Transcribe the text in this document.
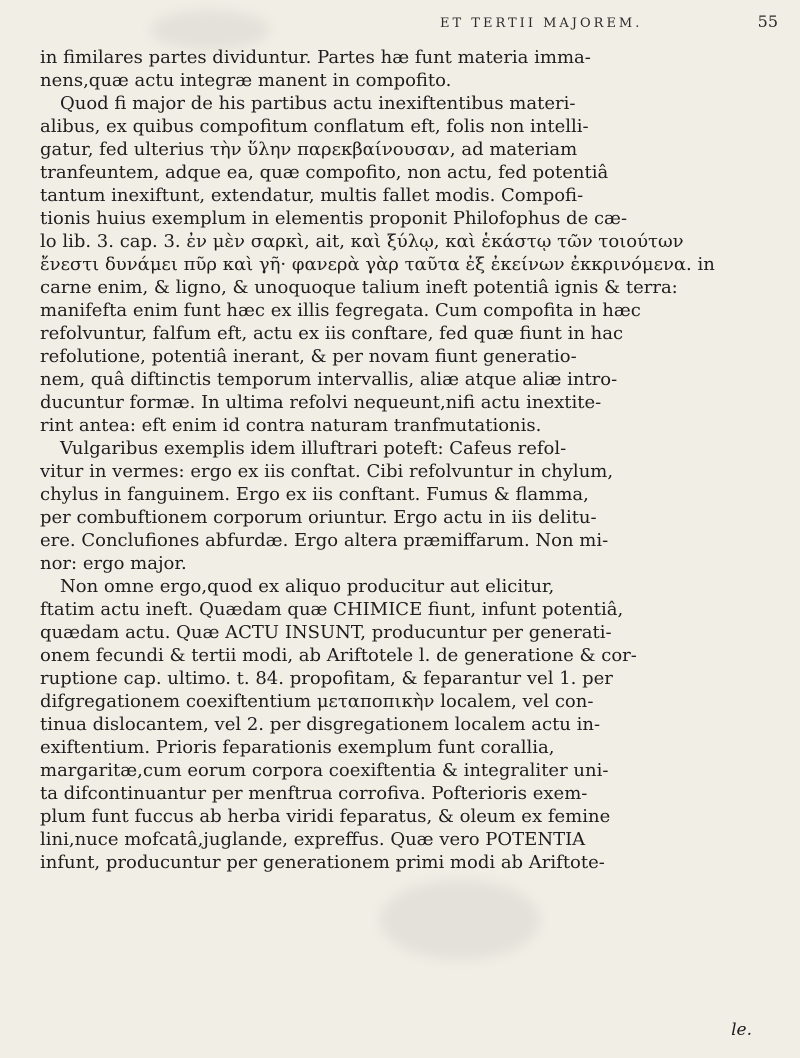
ET TERTII MAJOREM.	55
in fimilares partes dividuntur. Partes hæ funt materia imma-
nens,quæ actu integræ manent in compofito.
Quod fi major de his partibus actu inexiftentibus materi-
alibus, ex quibus compofitum conflatum eft, folis non intelli-
gatur, fed ulterius τὴν ὕλην παρεκβαίνουσαν, ad materiam
tranfeuntem, adque ea, quæ compofito, non actu, fed potentiâ
tantum inexiftunt, extendatur, multis fallet modis. Compofi-
tionis huius exemplum in elementis proponit Philofophus de cæ-
lo lib. 3. cap. 3. ἐν μὲν σαρκὶ, ait, καὶ ξύλῳ, καὶ ἑκάστῳ τῶν τοιούτων
ἔνεστι δυνάμει πῦρ καὶ γῆ· φανερὰ γὰρ ταῦτα ἐξ ἐκείνων ἐκκρινόμενα. in
carne enim, & ligno, & unoquoque talium ineft potentiâ ignis & terra:
manifefta enim funt hæc ex illis fegregata. Cum compofita in hæc
refolvuntur, falfum eft, actu ex iis conftare, fed quæ fiunt in hac
refolutione, potentiâ inerant, & per novam fiunt generatio-
nem, quâ diftinctis temporum intervallis, aliæ atque aliæ intro-
ducuntur formæ. In ultima refolvi nequeunt,nifi actu inextite-
rint antea: eft enim id contra naturam tranfmutationis.
Vulgaribus exemplis idem illuftrari poteft: Cafeus refol-
vitur in vermes: ergo ex iis conftat. Cibi refolvuntur in chylum,
chylus in fanguinem. Ergo ex iis conftant. Fumus & flamma,
per combuftionem corporum oriuntur. Ergo actu in iis delitu-
ere. Conclufiones abfurdæ. Ergo altera præmiffarum. Non mi-
nor: ergo major.
Non omne ergo,quod ex aliquo producitur aut elicitur,
ftatim actu ineft. Quædam quæ CHIMICE fiunt, infunt potentiâ,
quædam actu. Quæ ACTU INSUNT, producuntur per generati-
onem fecundi & tertii modi, ab Ariftotele l. de generatione & cor-
ruptione cap. ultimo. t. 84. propofitam, & feparantur vel 1. per
difgregationem coexiftentium μεταποπικὴν localem, vel con-
tinua dislocantem, vel 2. per disgregationem localem actu in-
exiftentium. Prioris feparationis exemplum funt corallia,
margaritæ,cum eorum corpora coexiftentia & integraliter uni-
ta difcontinuantur per menftrua corrofiva. Pofterioris exem-
plum funt fuccus ab herba viridi feparatus, & oleum ex femine
lini,nuce mofcatâ,juglande, expreffus. Quæ vero POTENTIA
infunt, producuntur per generationem primi modi ab Ariftote-
le.
